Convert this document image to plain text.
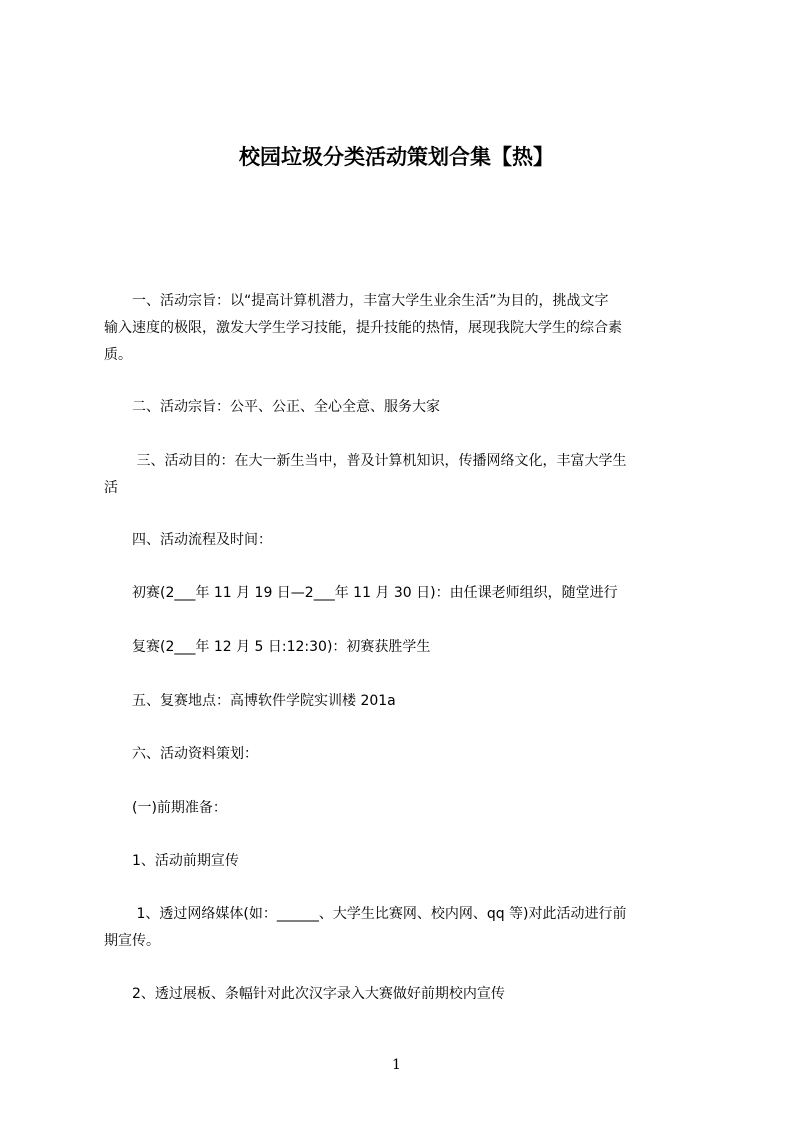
校园垃圾分类活动策划合集【热】
　　一、活动宗旨：以“提高计算机潜力，丰富大学生业余生活”为目的，挑战文字
输入速度的极限，激发大学生学习技能，提升技能的热情，展现我院大学生的综合素
质。

　　二、活动宗旨：公平、公正、全心全意、服务大家

　　 三、活动目的：在大一新生当中，普及计算机知识，传播网络文化，丰富大学生
活

　　四、活动流程及时间：

　　初赛(2___年 11 月 19 日—2___年 11 月 30 日)：由任课老师组织，随堂进行

　　复赛(2___年 12 月 5 日:12:30)：初赛获胜学生

　　五、复赛地点：高博软件学院实训楼 201a

　　六、活动资料策划：

　　(一)前期准备：

　　1、活动前期宣传

　　 1、透过网络媒体(如：______、大学生比赛网、校内网、qq 等)对此活动进行前
期宣传。

　　2、透过展板、条幅针对此次汉字录入大赛做好前期校内宣传

1
